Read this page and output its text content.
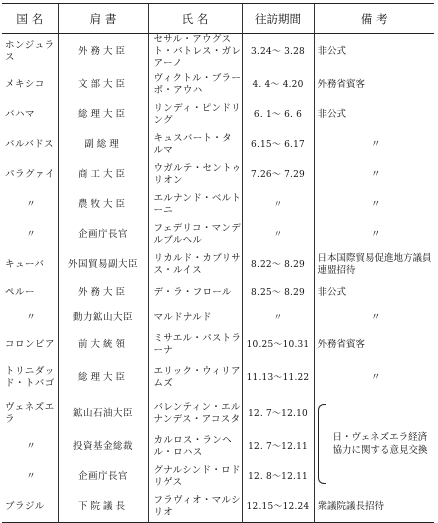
国 名	肩 書	氏 名	往訪期間	備 考
ホンジュラス	外務大臣	セサル・アウグスト・バトレス・ガレアーノ	3.24〜 3.28	非公式
メキシコ	文部大臣	ヴィクトル・ブラーボ・アウハ	4. 4〜 4.20	外務省賓客
バハマ	総理大臣	リンディ・ピンドリング	6. 1〜 6. 6	非公式
バルバドス	副総理	キュスバート・タルマ	6.15〜 6.17	〃
パラグァイ	商工大臣	ウガルテ・セントゥリオン	7.26〜 7.29	〃
〃	農牧大臣	エルナンド・ベルトーニ	〃	〃
〃	企画庁長官	フェデリコ・マンデルブルヘル	〃	〃
キューバ	外国貿易副大臣	リカルド・カブリサス・ルイス	8.22〜 8.29	日本国際貿易促進地方議員連盟招待
ペルー	外務大臣	デ・ラ・フロール	8.25〜 8.29	非公式
〃	動力鉱山大臣	マルドナルド	〃	〃
コロンビア	前大統領	ミサエル・パストラーナ	10.25〜10.31	外務省賓客
トリニダッド・トバゴ	総理大臣	エリック・ウィリアムズ	11.13〜11.22	〃
ヴェネズエラ	鉱山石油大臣	バレンティン・エルナンデス・アコスタ	12. 7〜12.10	日・ヴェネズエラ経済協力に関する意見交換

〃	投資基金総裁	カルロス・ランヘル・ロハス	12. 7〜12.11	
〃	企画庁長官	グナルシンド・ロドリゲス	12. 8〜12.11	
ブラジル	下院議長	フラヴィオ・マルシリオ	12.15〜12.24	衆議院議長招待
